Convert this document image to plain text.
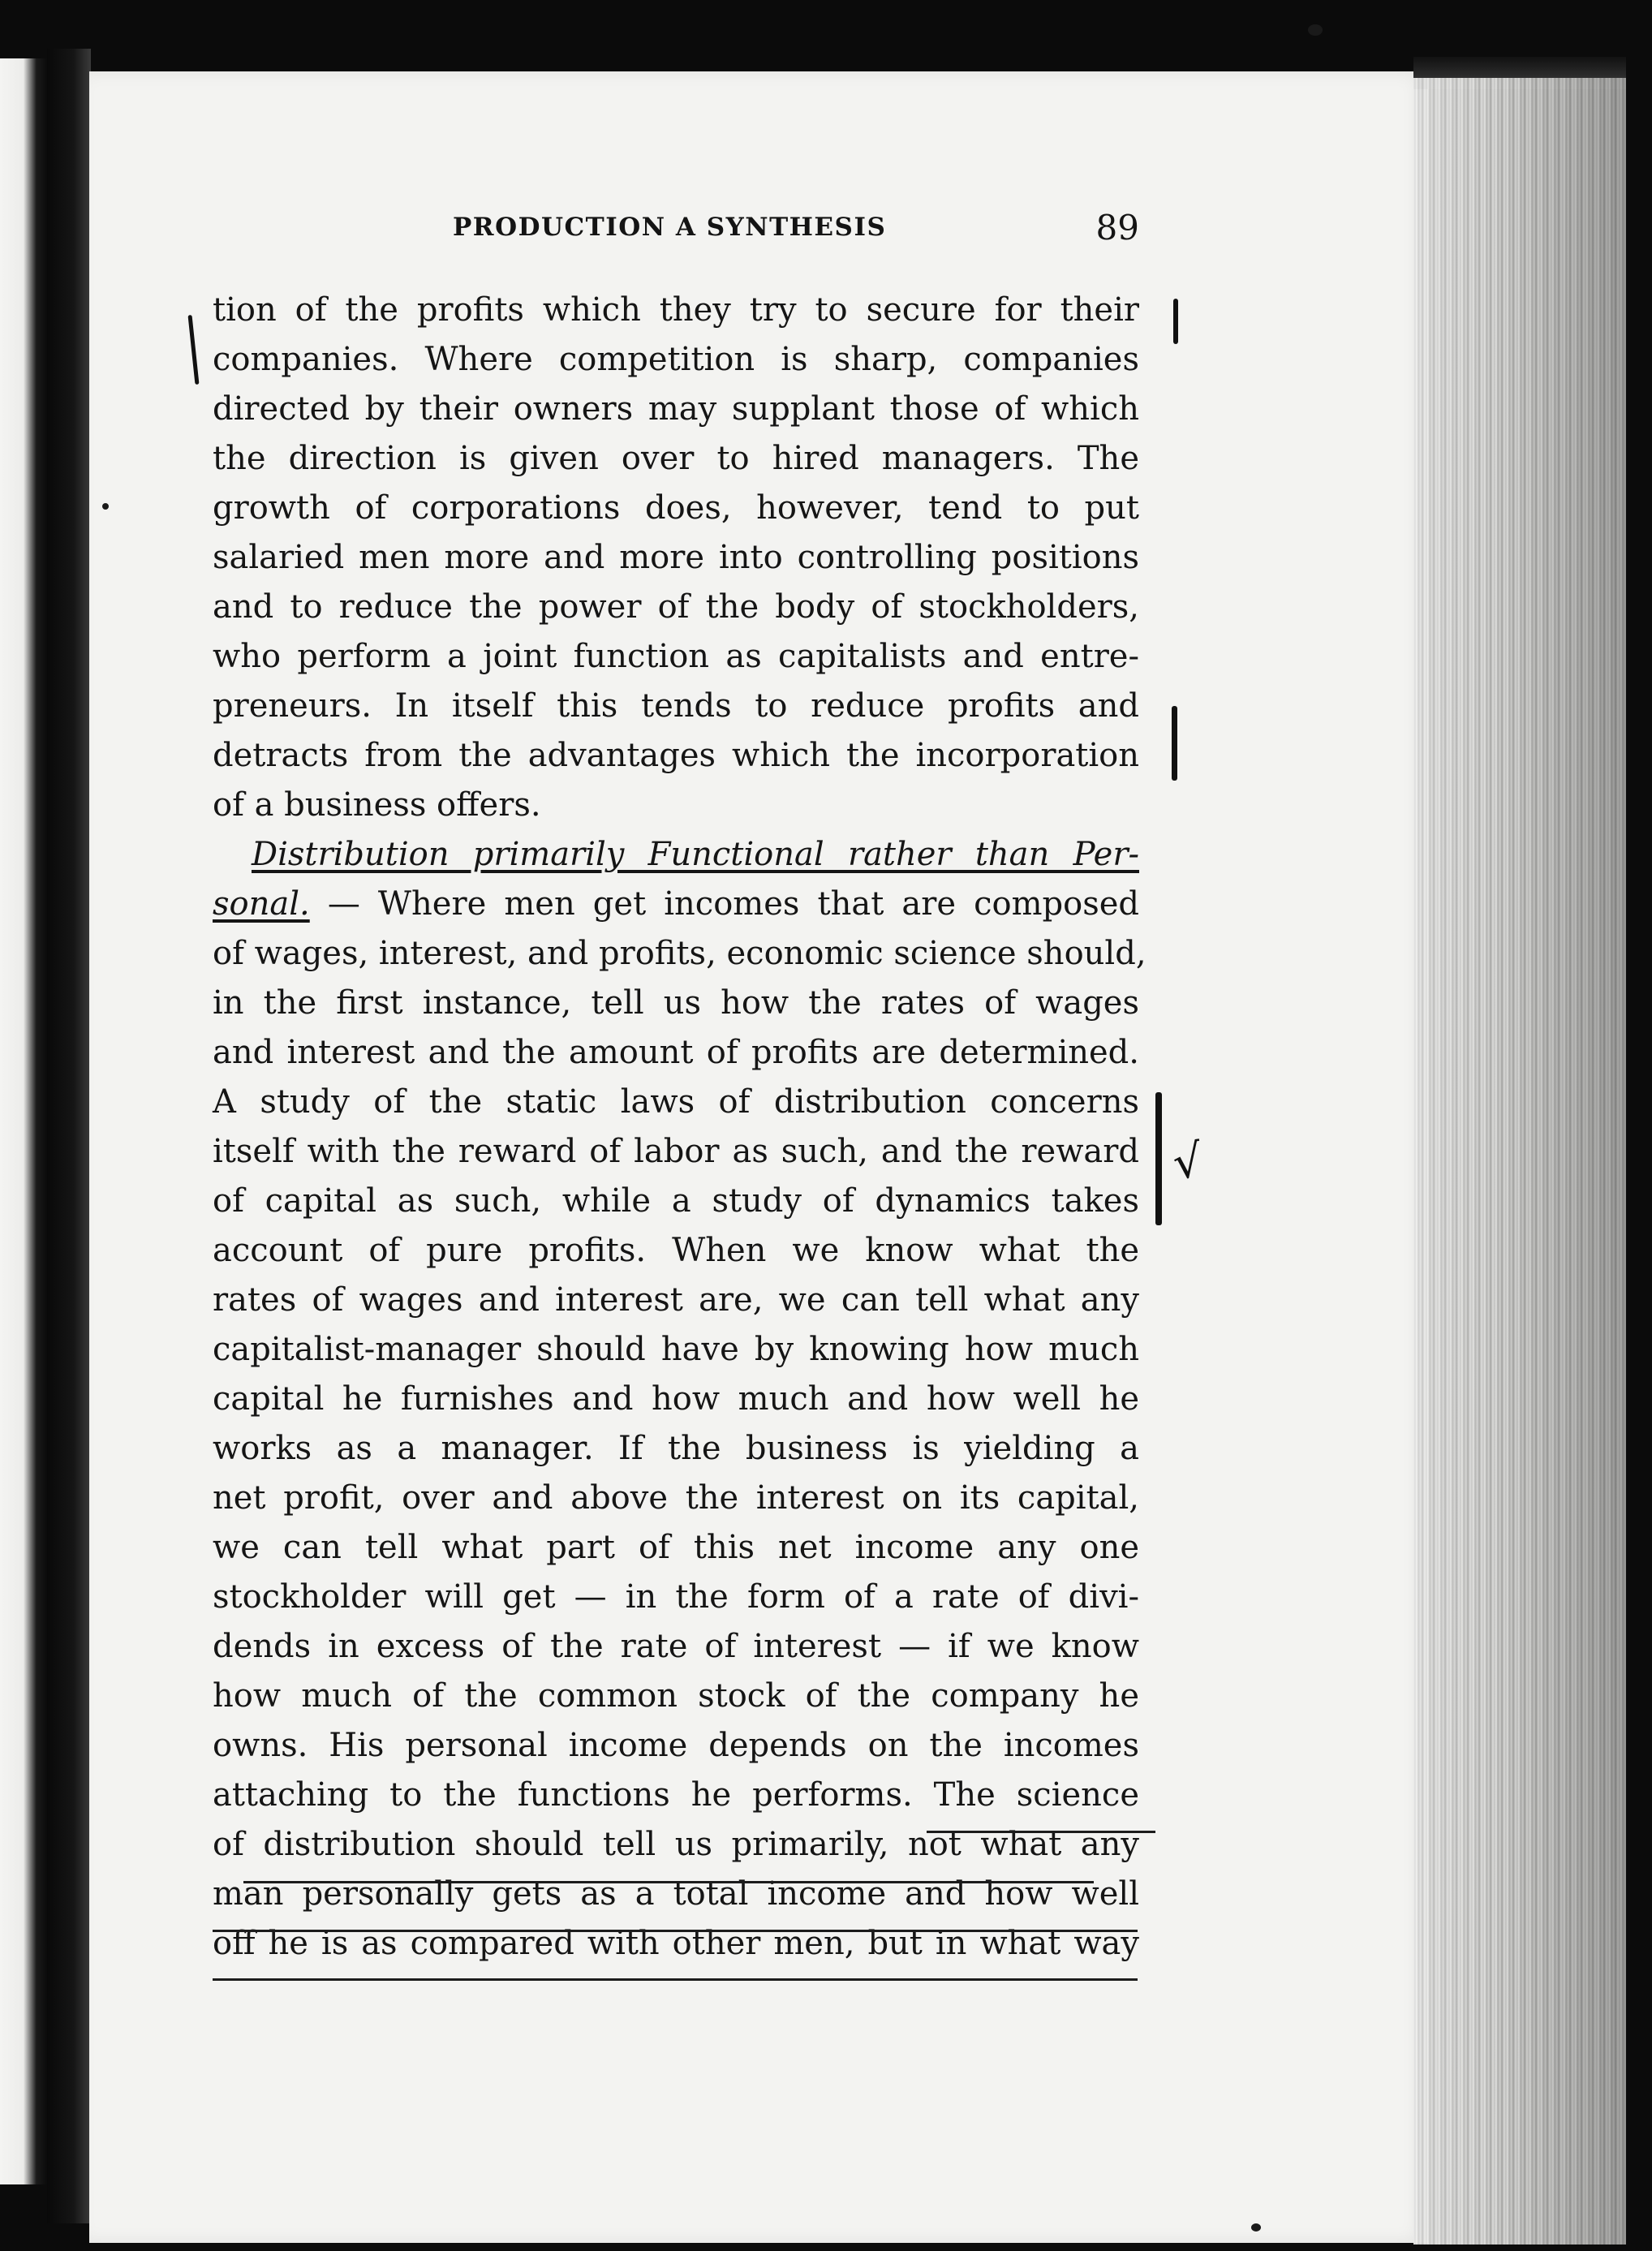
PRODUCTION A SYNTHESIS	89
tion of the profits which they try to secure for their
companies. Where competition is sharp, companies
directed by their owners may supplant those of which
the direction is given over to hired managers. The
growth of corporations does, however, tend to put
salaried men more and more into controlling positions
and to reduce the power of the body of stockholders,
who perform a joint function as capitalists and entre-
preneurs. In itself this tends to reduce profits and
detracts from the advantages which the incorporation
of a business offers.
Distribution primarily Functional rather than Per-
sonal. — Where men get incomes that are composed
of wages, interest, and profits, economic science should,
in the first instance, tell us how the rates of wages
and interest and the amount of profits are determined.
A study of the static laws of distribution concerns
itself with the reward of labor as such, and the reward
of capital as such, while a study of dynamics takes
account of pure profits. When we know what the
rates of wages and interest are, we can tell what any
capitalist-manager should have by knowing how much
capital he furnishes and how much and how well he
works as a manager. If the business is yielding a
net profit, over and above the interest on its capital,
we can tell what part of this net income any one
stockholder will get — in the form of a rate of divi-
dends in excess of the rate of interest — if we know
how much of the common stock of the company he
owns. His personal income depends on the incomes
attaching to the functions he performs. The science
of distribution should tell us primarily, not what any
man personally gets as a total income and how well
off he is as compared with other men, but in what way
√
